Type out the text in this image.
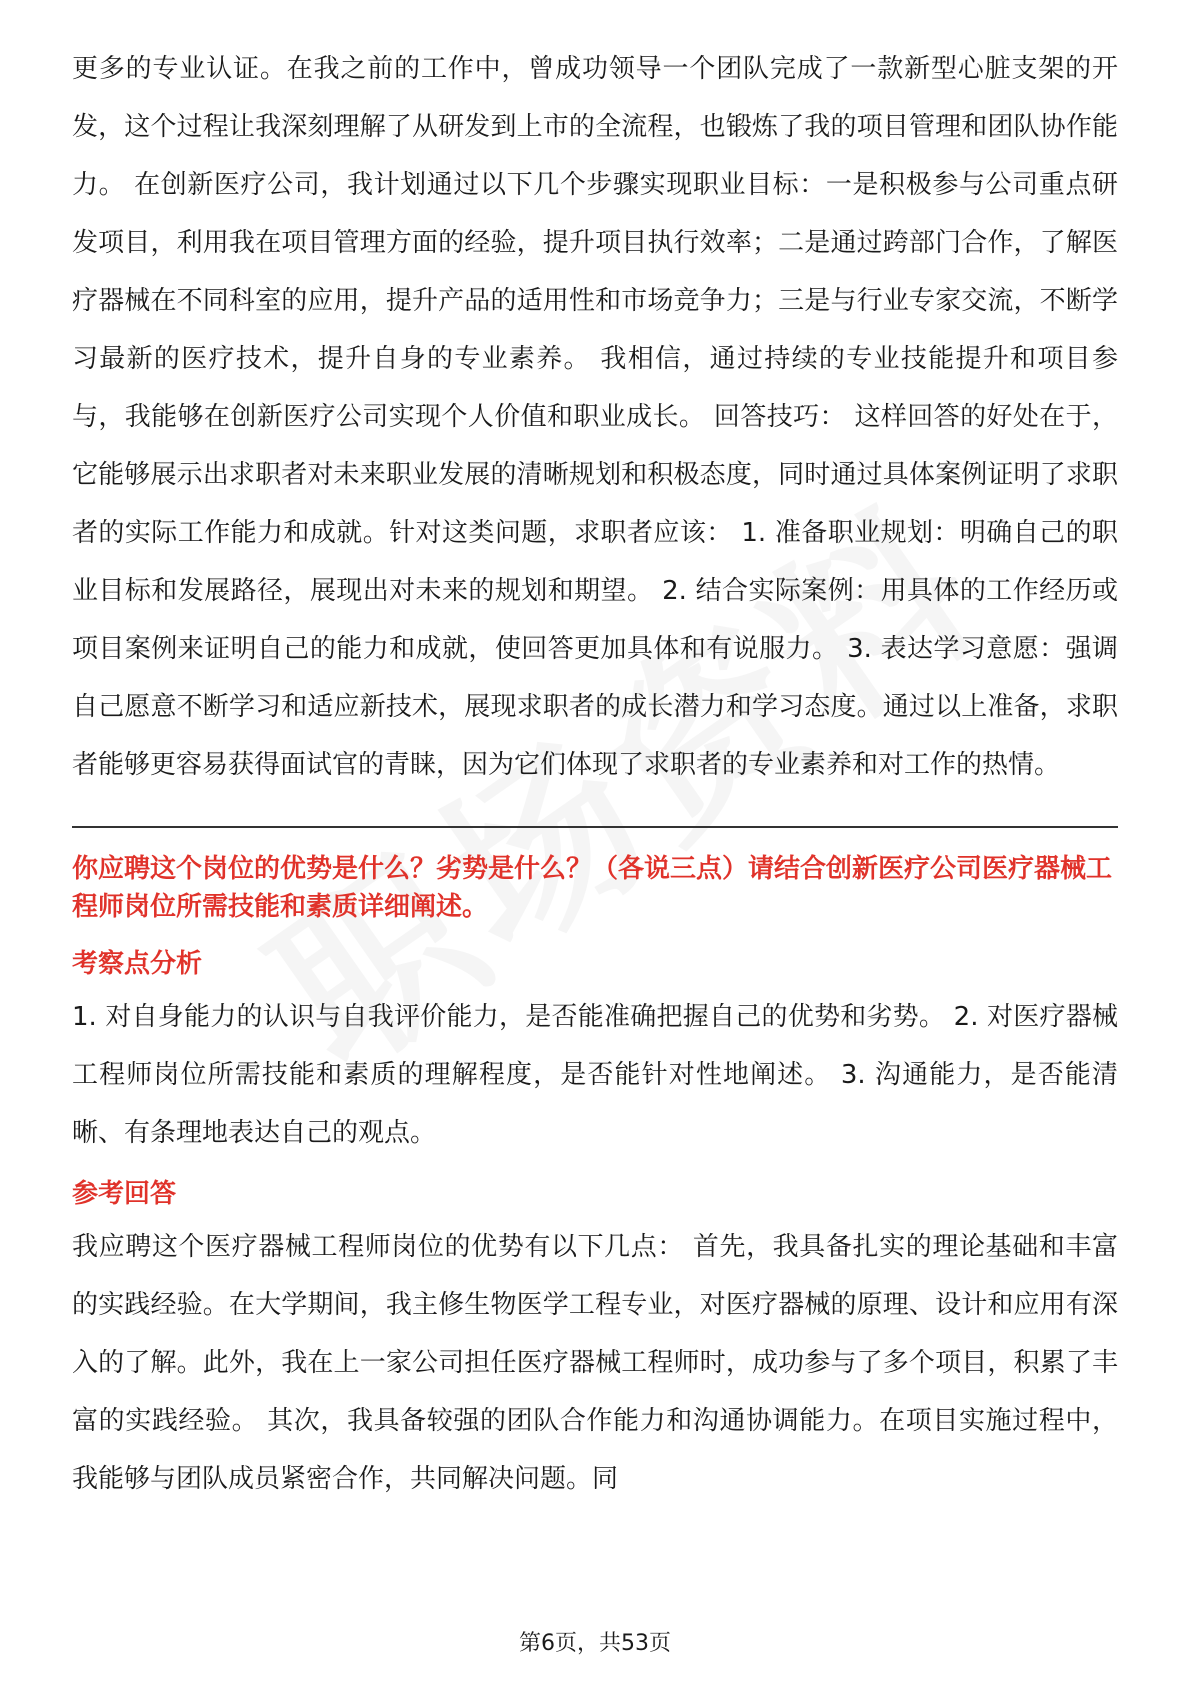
更多的专业认证。在我之前的工作中，曾成功领导一个团队完成了一款新型心脏支架的开发，这个过程让我深刻理解了从研发到上市的全流程，也锻炼了我的项目管理和团队协作能力。 在创新医疗公司，我计划通过以下几个步骤实现职业目标：一是积极参与公司重点研发项目，利用我在项目管理方面的经验，提升项目执行效率；二是通过跨部门合作，了解医疗器械在不同科室的应用，提升产品的适用性和市场竞争力；三是与行业专家交流，不断学习最新的医疗技术，提升自身的专业素养。 我相信，通过持续的专业技能提升和项目参与，我能够在创新医疗公司实现个人价值和职业成长。 回答技巧： 这样回答的好处在于，它能够展示出求职者对未来职业发展的清晰规划和积极态度，同时通过具体案例证明了求职者的实际工作能力和成就。针对这类问题，求职者应该： 1. 准备职业规划：明确自己的职业目标和发展路径，展现出对未来的规划和期望。 2. 结合实际案例：用具体的工作经历或项目案例来证明自己的能力和成就，使回答更加具体和有说服力。 3. 表达学习意愿：强调自己愿意不断学习和适应新技术，展现求职者的成长潜力和学习态度。通过以上准备，求职者能够更容易获得面试官的青睐，因为它们体现了求职者的专业素养和对工作的热情。

你应聘这个岗位的优势是什么？劣势是什么？（各说三点）请结合创新医疗公司医疗器械工程师岗位所需技能和素质详细阐述。

考察点分析

1. 对自身能力的认识与自我评价能力，是否能准确把握自己的优势和劣势。 2. 对医疗器械工程师岗位所需技能和素质的理解程度，是否能针对性地阐述。 3. 沟通能力，是否能清晰、有条理地表达自己的观点。

参考回答

我应聘这个医疗器械工程师岗位的优势有以下几点： 首先，我具备扎实的理论基础和丰富的实践经验。在大学期间，我主修生物医学工程专业，对医疗器械的原理、设计和应用有深入的了解。此外，我在上一家公司担任医疗器械工程师时，成功参与了多个项目，积累了丰富的实践经验。 其次，我具备较强的团队合作能力和沟通协调能力。在项目实施过程中，我能够与团队成员紧密合作，共同解决问题。同

第6页，共53页
